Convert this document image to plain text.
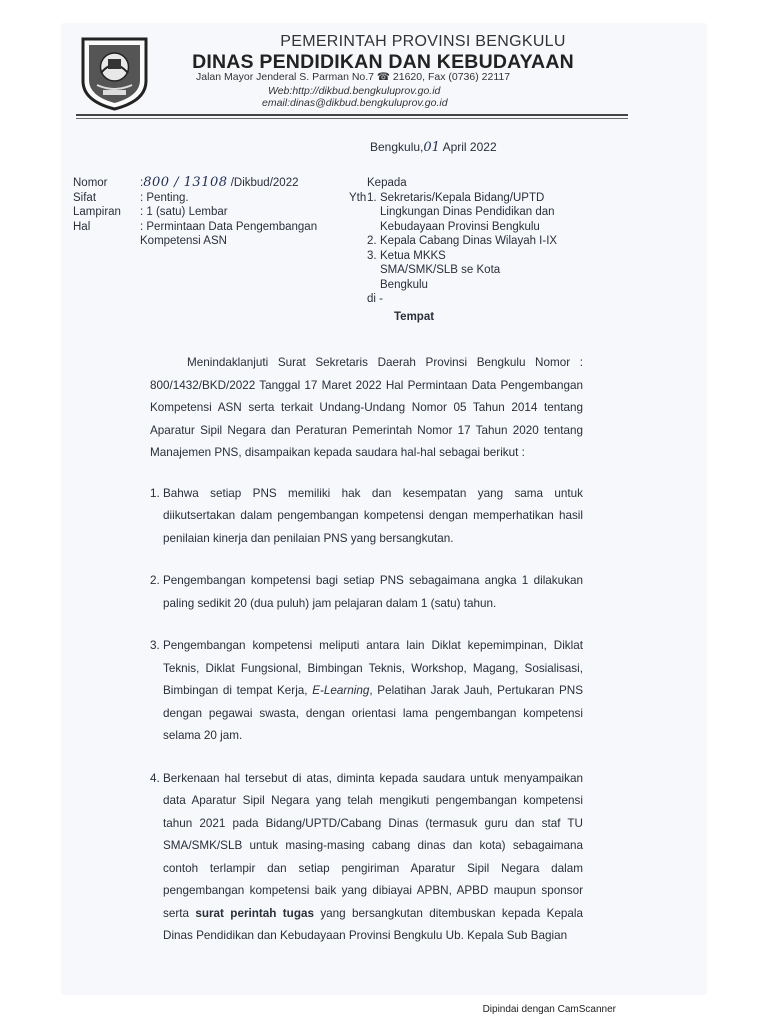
PEMERINTAH PROVINSI BENGKULU
DINAS PENDIDIKAN DAN KEBUDAYAAN
Jalan Mayor Jenderal S. Parman No.7 ☎ 21620, Fax (0736) 22117
Web:http://dikbud.bengkuluprov.go.id
email:dinas@dikbud.bengkuluprov.go.id
Bengkulu,01 April 2022
Nomor	:800 / 13108 /Dikbud/2022
Sifat	: Penting.
Lampiran	: 1 (satu) Lembar
Hal	: Permintaan Data Pengembangan Kompetensi ASN
Kepada
Yth 1. Sekretaris/Kepala Bidang/UPTD Lingkungan Dinas Pendidikan dan Kebudayaan Provinsi Bengkulu
2. Kepala Cabang Dinas Wilayah I-IX
3. Ketua MKKS SMA/SMK/SLB se Kota Bengkulu
di -
Tempat

Menindaklanjuti Surat Sekretaris Daerah Provinsi Bengkulu Nomor : 800/1432/BKD/2022 Tanggal 17 Maret 2022 Hal Permintaan Data Pengembangan Kompetensi ASN serta terkait Undang-Undang Nomor 05 Tahun 2014 tentang Aparatur Sipil Negara dan Peraturan Pemerintah Nomor 17 Tahun 2020 tentang Manajemen PNS, disampaikan kepada saudara hal-hal sebagai berikut :

1. Bahwa setiap PNS memiliki hak dan kesempatan yang sama untuk diikutsertakan dalam pengembangan kompetensi dengan memperhatikan hasil penilaian kinerja dan penilaian PNS yang bersangkutan.
2. Pengembangan kompetensi bagi setiap PNS sebagaimana angka 1 dilakukan paling sedikit 20 (dua puluh) jam pelajaran dalam 1 (satu) tahun.
3. Pengembangan kompetensi meliputi antara lain Diklat kepemimpinan, Diklat Teknis, Diklat Fungsional, Bimbingan Teknis, Workshop, Magang, Sosialisasi, Bimbingan di tempat Kerja, E-Learning, Pelatihan Jarak Jauh, Pertukaran PNS dengan pegawai swasta, dengan orientasi lama pengembangan kompetensi selama 20 jam.
4. Berkenaan hal tersebut di atas, diminta kepada saudara untuk menyampaikan data Aparatur Sipil Negara yang telah mengikuti pengembangan kompetensi tahun 2021 pada Bidang/UPTD/Cabang Dinas (termasuk guru dan staf TU SMA/SMK/SLB untuk masing-masing cabang dinas dan kota) sebagaimana contoh terlampir dan setiap pengiriman Aparatur Sipil Negara dalam pengembangan kompetensi baik yang dibiayai APBN, APBD maupun sponsor serta surat perintah tugas yang bersangkutan ditembuskan kepada Kepala Dinas Pendidikan dan Kebudayaan Provinsi Bengkulu Ub. Kepala Sub Bagian
Dipindai dengan CamScanner
